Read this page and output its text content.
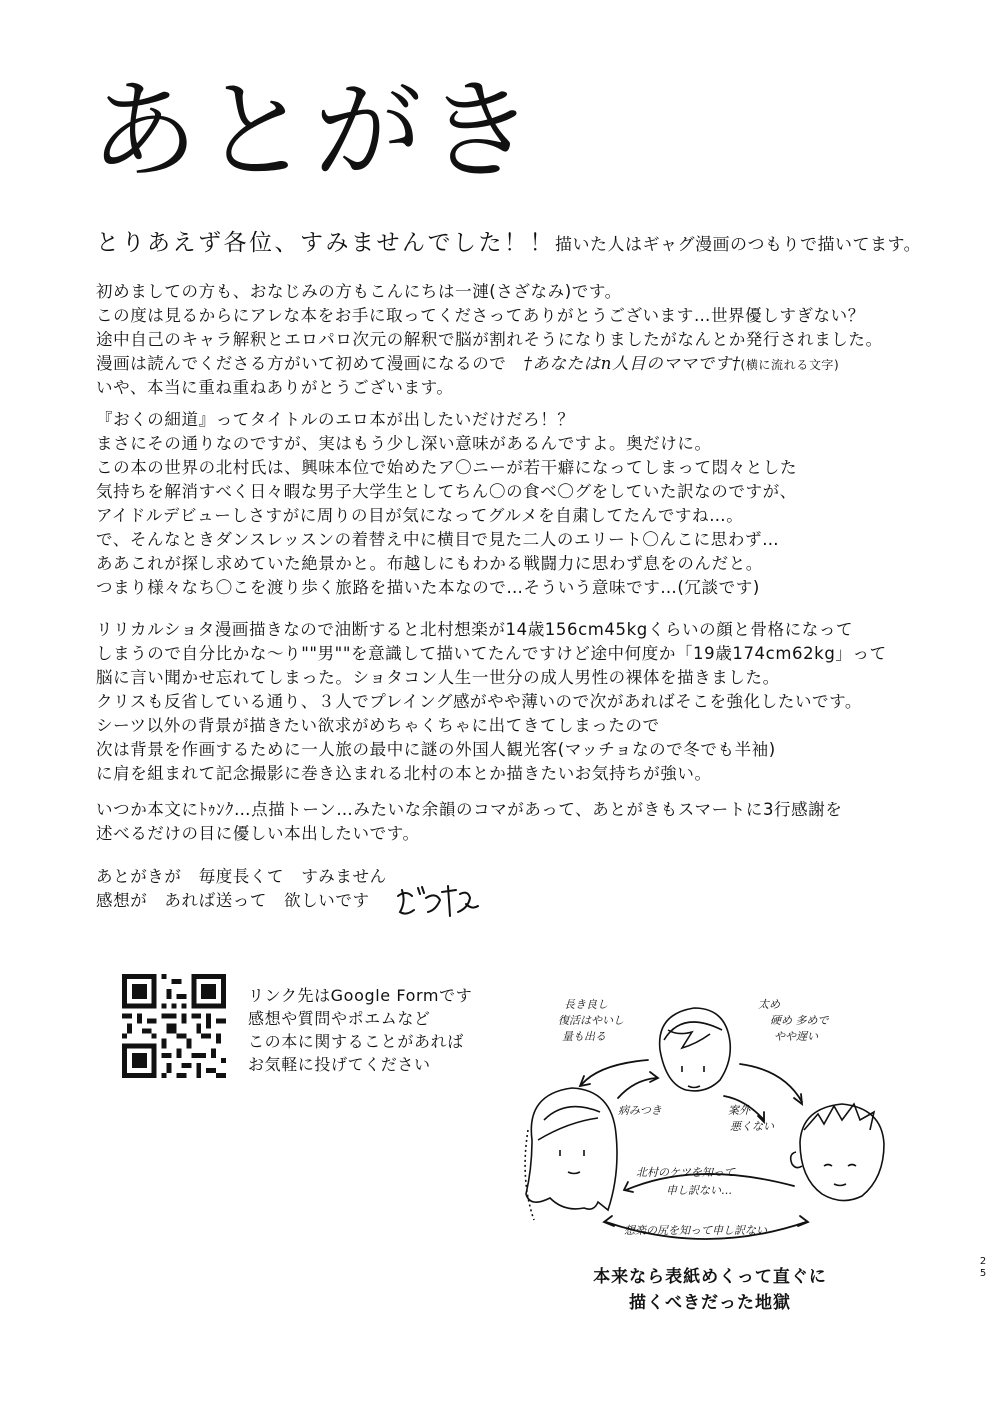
あとがき
とりあえず各位、すみませんでした！！描いた人はギャグ漫画のつもりで描いてます。
初めましての方も、おなじみの方もこんにちは一漣(さざなみ)です。
この度は見るからにアレな本をお手に取ってくださってありがとうございます…世界優しすぎない？
途中自己のキャラ解釈とエロパロ次元の解釈で脳が割れそうになりましたがなんとか発行されました。
漫画は読んでくださる方がいて初めて漫画になるので　 †あなたはn人目のママです†(横に流れる文字)
いや、本当に重ね重ねありがとうございます。
『おくの細道』ってタイトルのエロ本が出したいだけだろ！？
まさにその通りなのですが、実はもう少し深い意味があるんですよ。奥だけに。
この本の世界の北村氏は、興味本位で始めたア〇ニーが若干癖になってしまって悶々とした
気持ちを解消すべく日々暇な男子大学生としてちん〇の食べ〇グをしていた訳なのですが、
アイドルデビューしさすがに周りの目が気になってグルメを自粛してたんですね…。
で、そんなときダンスレッスンの着替え中に横目で見た二人のエリート〇んこに思わず…
ああこれが探し求めていた絶景かと。布越しにもわかる戦闘力に思わず息をのんだと。
つまり様々なち〇こを渡り歩く旅路を描いた本なので…そういう意味です…(冗談です)
リリカルショタ漫画描きなので油断すると北村想楽が14歳156cm45kgくらいの顔と骨格になって
しまうので自分比かな〜り""男""を意識して描いてたんですけど途中何度か「19歳174cm62kg」って
脳に言い聞かせ忘れてしまった。ショタコン人生一世分の成人男性の裸体を描きました。
クリスも反省している通り、３人でプレイング感がやや薄いので次があればそこを強化したいです。
シーツ以外の背景が描きたい欲求がめちゃくちゃに出てきてしまったので
次は背景を作画するために一人旅の最中に謎の外国人観光客(マッチョなので冬でも半袖)
に肩を組まれて記念撮影に巻き込まれる北村の本とか描きたいお気持ちが強い。
いつか本文にﾄｩﾝｸ…点描トーン…みたいな余韻のコマがあって、あとがきもスマートに3行感謝を
述べるだけの目に優しい本出したいです。
あとがきが　毎度長くて　すみません
感想が　あれば送って　欲しいです
リンク先はGoogle Formです
感想や質問やポエムなど
この本に関することがあれば
お気軽に投げてください
長き良し
復活はやいし
量も出る
太め
硬め 多めで
やや遅い
病みつき	案外
悪くない
北村のケツを知って
申し訳ない…
想楽の尻を知って申し訳ない
本来なら表紙めくって直ぐに
描くべきだった地獄
2
5
